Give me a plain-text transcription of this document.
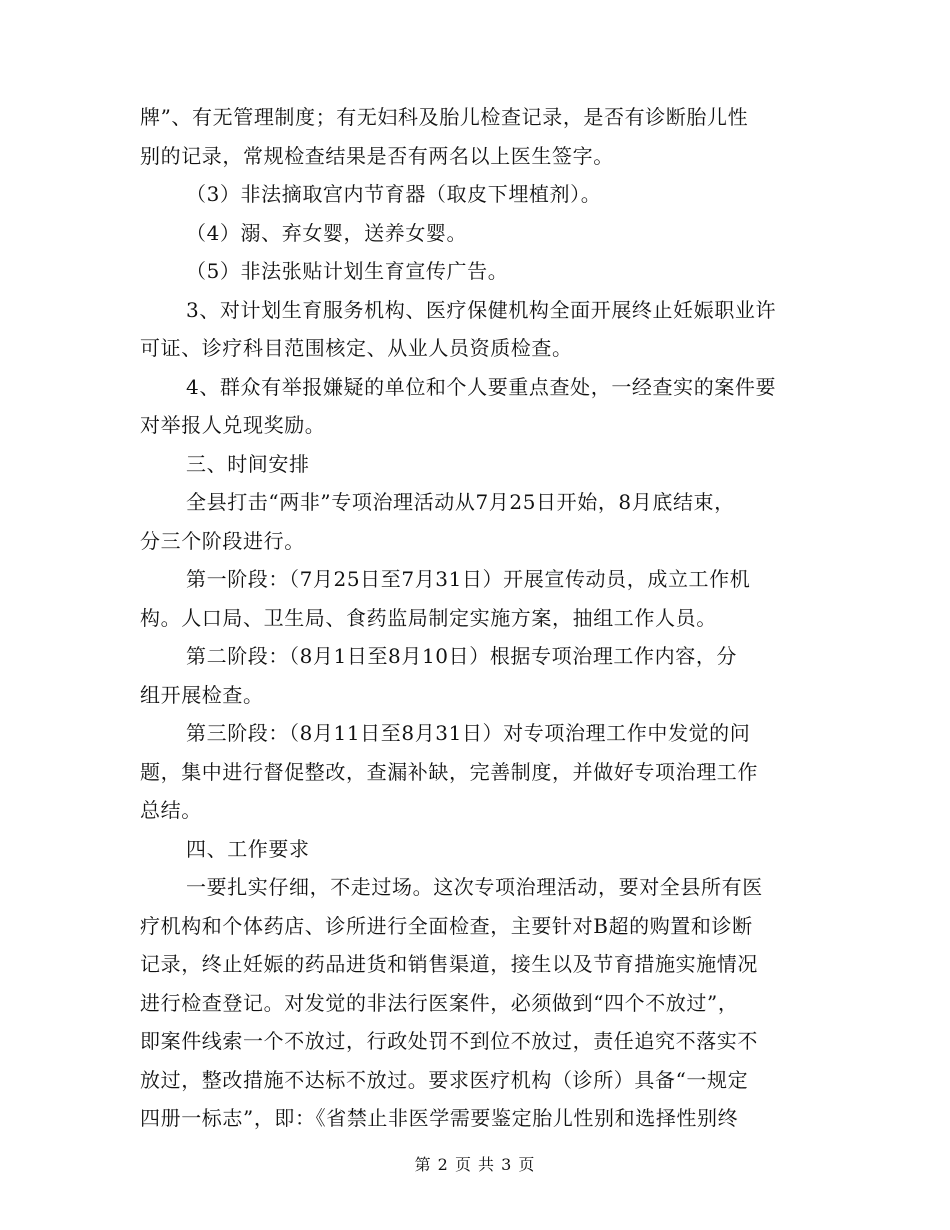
牌”、有无管理制度；有无妇科及胎儿检查记录，是否有诊断胎儿性
别的记录，常规检查结果是否有两名以上医生签字。
（3）非法摘取宫内节育器（取皮下埋植剂）。
（4）溺、弃女婴，送养女婴。
（5）非法张贴计划生育宣传广告。
3、对计划生育服务机构、医疗保健机构全面开展终止妊娠职业许
可证、诊疗科目范围核定、从业人员资质检查。
4、群众有举报嫌疑的单位和个人要重点查处，一经查实的案件要
对举报人兑现奖励。
三、时间安排
全县打击“两非”专项治理活动从7月25日开始，8月底结束，
分三个阶段进行。
第一阶段：（7月25日至7月31日）开展宣传动员，成立工作机
构。人口局、卫生局、食药监局制定实施方案，抽组工作人员。
第二阶段：（8月1日至8月10日）根据专项治理工作内容，分
组开展检查。
第三阶段：（8月11日至8月31日）对专项治理工作中发觉的问
题，集中进行督促整改，查漏补缺，完善制度，并做好专项治理工作
总结。
四、工作要求
一要扎实仔细，不走过场。这次专项治理活动，要对全县所有医
疗机构和个体药店、诊所进行全面检查，主要针对B超的购置和诊断
记录，终止妊娠的药品进货和销售渠道，接生以及节育措施实施情况
进行检查登记。对发觉的非法行医案件，必须做到“四个不放过”，
即案件线索一个不放过，行政处罚不到位不放过，责任追究不落实不
放过，整改措施不达标不放过。要求医疗机构（诊所）具备“一规定
四册一标志”，即：《省禁止非医学需要鉴定胎儿性别和选择性别终
第 2 页 共 3 页
